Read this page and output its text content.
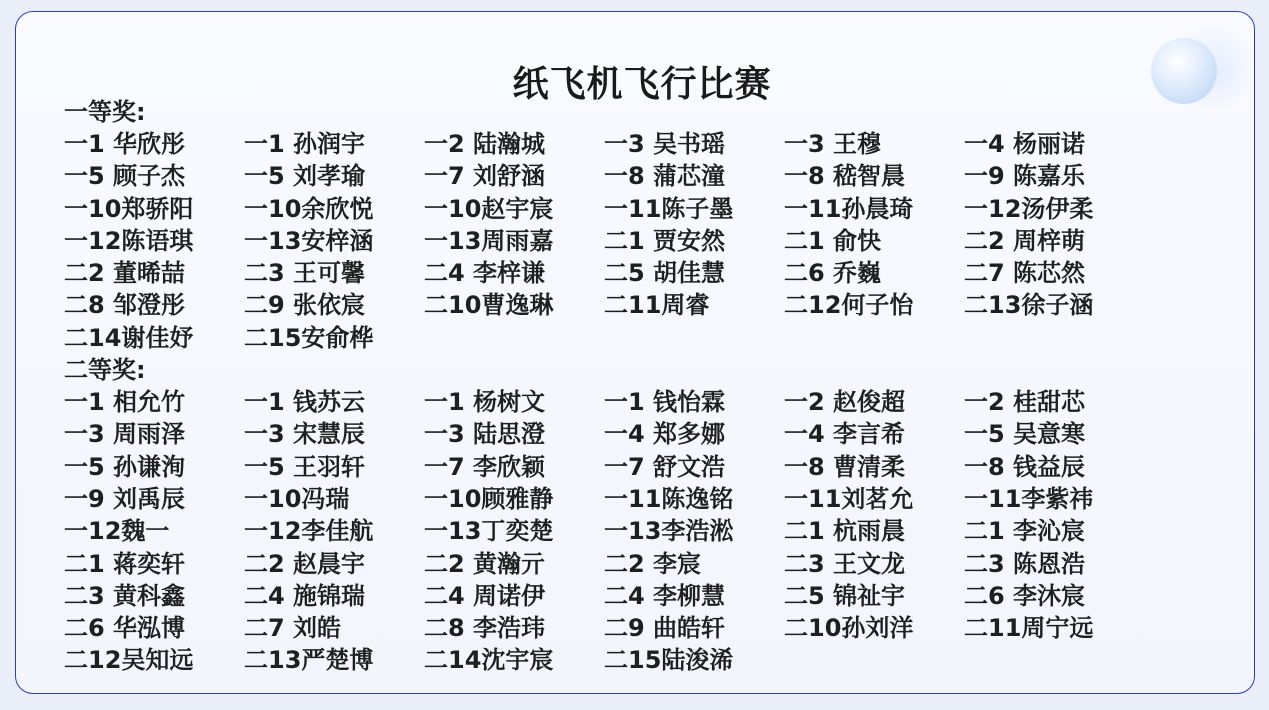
纸飞机飞行比赛
一等奖:
一1 华欣彤	一1 孙润宇	一2 陆瀚城	一3 吴书瑶	一3 王穆	一4 杨丽诺
一5 顾子杰	一5 刘孝瑜	一7 刘舒涵	一8 蒲芯潼	一8 嵇智晨	一9 陈嘉乐
一10郑骄阳	一10余欣悦	一10赵宇宸	一11陈子墨	一11孙晨琦	一12汤伊柔
一12陈语琪	一13安梓涵	一13周雨嘉	二1 贾安然	二1 俞快	二2 周梓萌
二2 董晞喆	二3 王可馨	二4 李梓谦	二5 胡佳慧	二6 乔巍	二7 陈芯然
二8 邹澄彤	二9 张依宸	二10曹逸琳	二11周睿	二12何子怡	二13徐子涵
二14谢佳妤	二15安俞桦
二等奖:
一1 相允竹	一1 钱苏云	一1 杨树文	一1 钱怡霖	一2 赵俊超	一2 桂甜芯
一3 周雨泽	一3 宋慧辰	一3 陆思澄	一4 郑多娜	一4 李言希	一5 吴意寒
一5 孙谦洵	一5 王羽轩	一7 李欣颖	一7 舒文浩	一8 曹清柔	一8 钱益辰
一9 刘禹辰	一10冯瑞	一10顾雅静	一11陈逸铭	一11刘茗允	一11李紫祎
一12魏一	一12李佳航	一13丁奕楚	一13李浩淞	二1 杭雨晨	二1 李沁宸
二1 蒋奕轩	二2 赵晨宇	二2 黄瀚亓	二2 李宸	二3 王文龙	二3 陈恩浩
二3 黄科鑫	二4 施锦瑞	二4 周诺伊	二4 李柳慧	二5 锦祉宇	二6 李沐宸
二6 华泓博	二7 刘皓	二8 李浩玮	二9 曲皓轩	二10孙刘洋	二11周宁远
二12吴知远	二13严楚博	二14沈宇宸	二15陆浚浠
